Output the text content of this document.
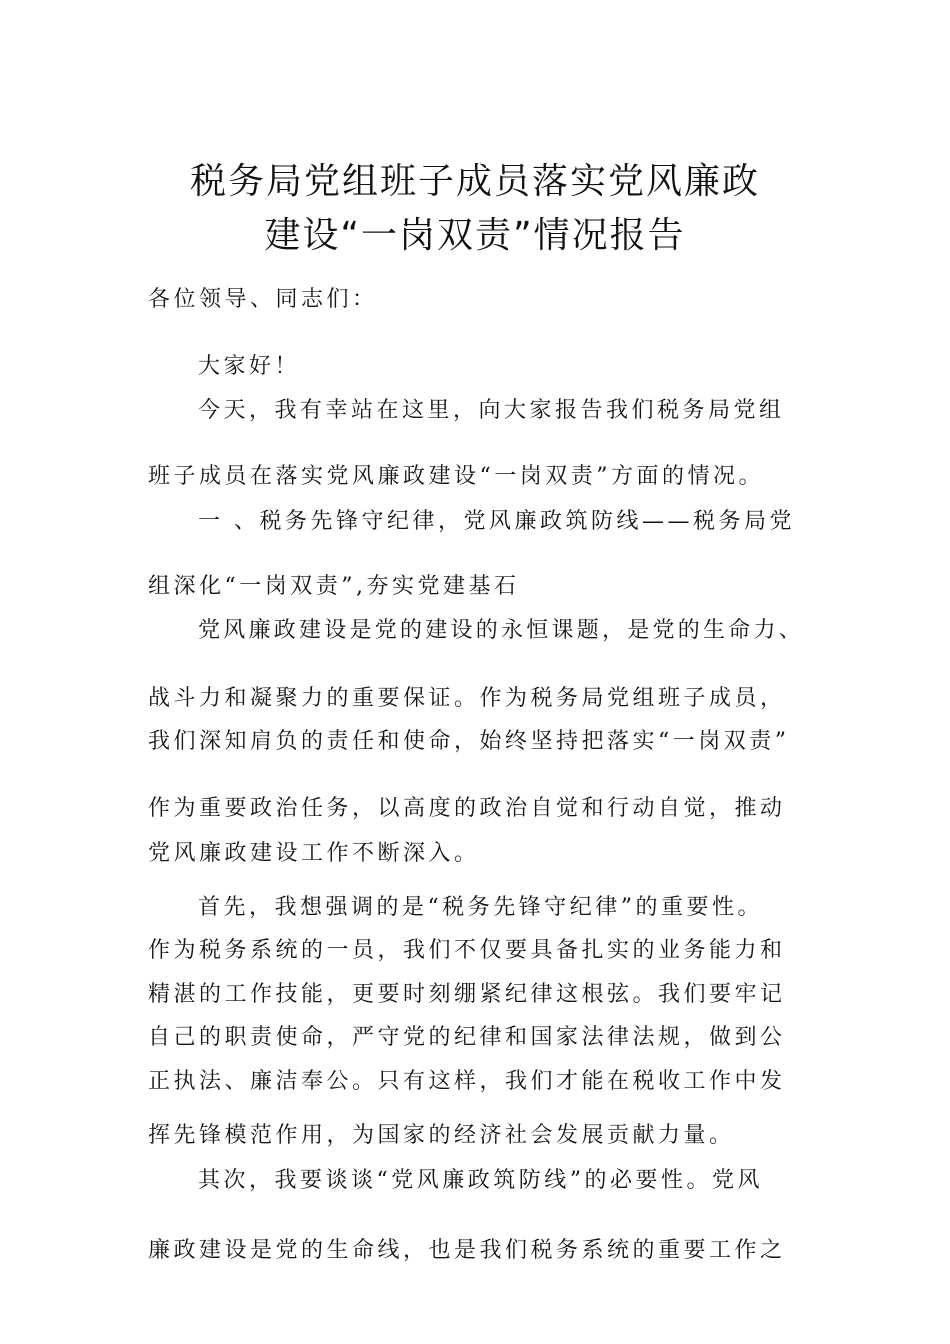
税务局党组班子成员落实党风廉政
建设“一岗双责”情况报告
各位领导、同志们：
大家好！
今天，我有幸站在这里，向大家报告我们税务局党组
班子成员在落实党风廉政建设“一岗双责”方面的情况。
一 、税务先锋守纪律，党风廉政筑防线——税务局党
组深化“一岗双责”,夯实党建基石
党风廉政建设是党的建设的永恒课题，是党的生命力、
战斗力和凝聚力的重要保证。作为税务局党组班子成员，
我们深知肩负的责任和使命，始终坚持把落实“一岗双责”
作为重要政治任务，以高度的政治自觉和行动自觉，推动
党风廉政建设工作不断深入。
首先，我想强调的是“税务先锋守纪律”的重要性。
作为税务系统的一员，我们不仅要具备扎实的业务能力和
精湛的工作技能，更要时刻绷紧纪律这根弦。我们要牢记
自己的职责使命，严守党的纪律和国家法律法规，做到公
正执法、廉洁奉公。只有这样，我们才能在税收工作中发
挥先锋模范作用，为国家的经济社会发展贡献力量。
其次，我要谈谈“党风廉政筑防线”的必要性。党风
廉政建设是党的生命线，也是我们税务系统的重要工作之
